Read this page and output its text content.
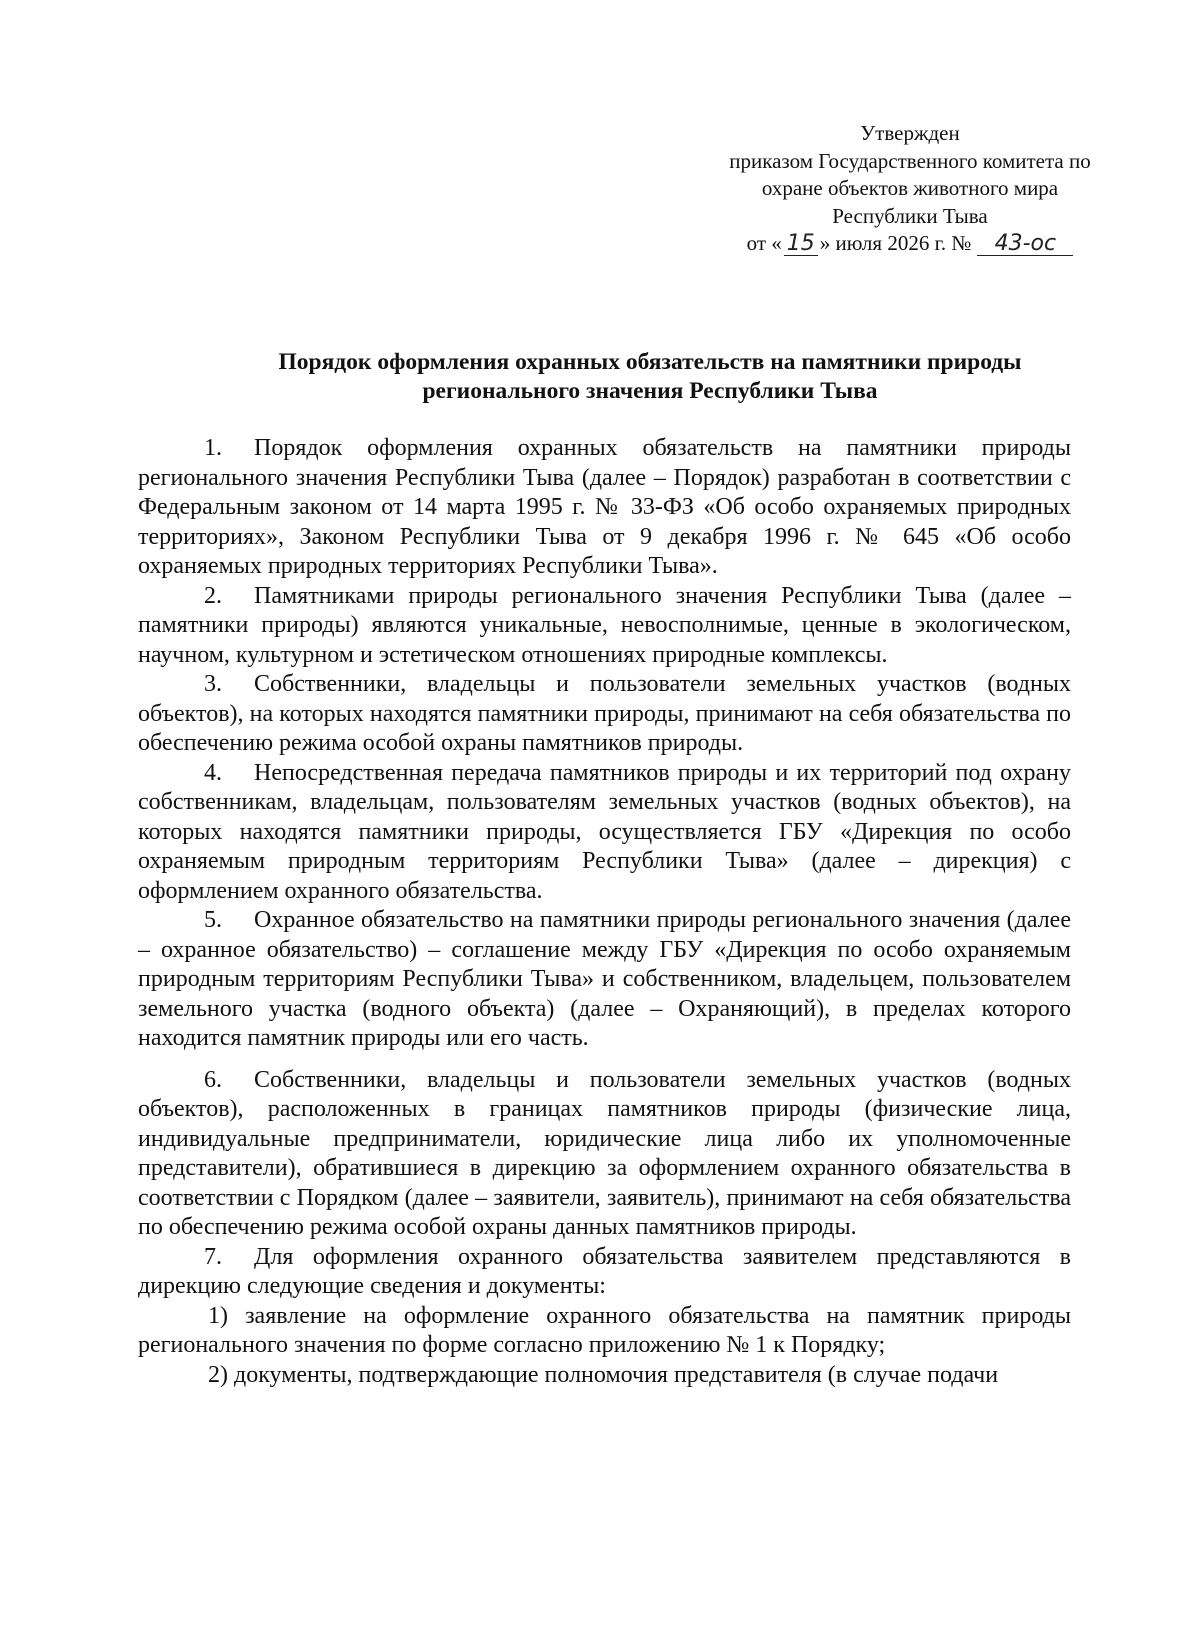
Утвержден
приказом Государственного комитета по
охране объектов животного мира
Республики Тыва
от « 15 » июля 2026 г. № 43-ос
Порядок оформления охранных обязательств на памятники природы
регионального значения Республики Тыва

1. Порядок оформления охранных обязательств на памятники природы регионального значения Республики Тыва (далее – Порядок) разработан в соответствии с Федеральным законом от 14 марта 1995 г. № 33-ФЗ «Об особо охраняемых природных территориях», Законом Республики Тыва от 9 декабря 1996 г. № 645 «Об особо охраняемых природных территориях Республики Тыва».

2. Памятниками природы регионального значения Республики Тыва (далее – памятники природы) являются уникальные, невосполнимые, ценные в экологическом, научном, культурном и эстетическом отношениях природные комплексы.

3. Собственники, владельцы и пользователи земельных участков (водных объектов), на которых находятся памятники природы, принимают на себя обязательства по обеспечению режима особой охраны памятников природы.

4. Непосредственная передача памятников природы и их территорий под охрану собственникам, владельцам, пользователям земельных участков (водных объектов), на которых находятся памятники природы, осуществляется ГБУ «Дирекция по особо охраняемым природным территориям Республики Тыва» (далее – дирекция) с оформлением охранного обязательства.

5. Охранное обязательство на памятники природы регионального значения (далее – охранное обязательство) – соглашение между ГБУ «Дирекция по особо охраняемым природным территориям Республики Тыва» и собственником, владельцем, пользователем земельного участка (водного объекта) (далее – Охраняющий), в пределах которого находится памятник природы или его часть.

6. Собственники, владельцы и пользователи земельных участков (водных объектов), расположенных в границах памятников природы (физические лица, индивидуальные предприниматели, юридические лица либо их уполномоченные представители), обратившиеся в дирекцию за оформлением охранного обязательства в соответствии с Порядком (далее – заявители, заявитель), принимают на себя обязательства по обеспечению режима особой охраны данных памятников природы.

7. Для оформления охранного обязательства заявителем представляются в дирекцию следующие сведения и документы:

1) заявление на оформление охранного обязательства на памятник природы регионального значения по форме согласно приложению № 1 к Порядку;

2) документы, подтверждающие полномочия представителя (в случае подачи
